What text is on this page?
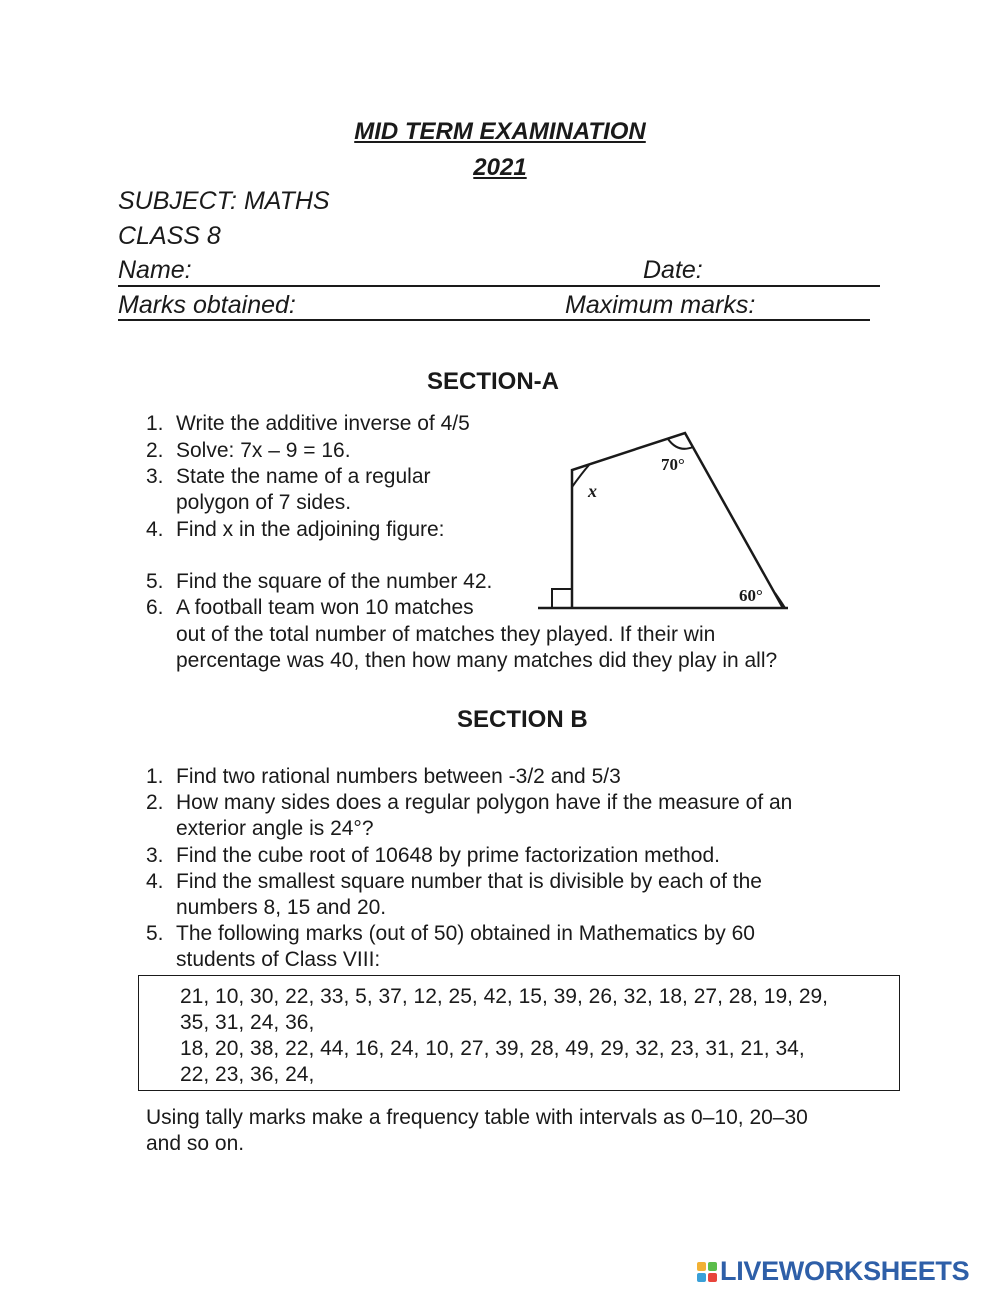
MID TERM EXAMINATION
2021
SUBJECT: MATHS
CLASS 8
Name:	Date:
Marks obtained:	Maximum marks:
SECTION-A
1. Write the additive inverse of 4/5
2. Solve: 7x – 9 = 16.
3. State the name of a regular
polygon of 7 sides.
4. Find x in the adjoining figure:
5. Find the square of the number 42.
6. A football team won 10 matches
out of the total number of matches they played. If their win
percentage was 40, then how many matches did they play in all?
x
70°
60°
SECTION B
1. Find two rational numbers between -3/2 and 5/3
2. How many sides does a regular polygon have if the measure of an
exterior angle is 24°?
3. Find the cube root of 10648 by prime factorization method.
4. Find the smallest square number that is divisible by each of the
numbers 8, 15 and 20.
5. The following marks (out of 50) obtained in Mathematics by 60
students of Class VIII:
21, 10, 30, 22, 33, 5, 37, 12, 25, 42, 15, 39, 26, 32, 18, 27, 28, 19, 29,
35, 31, 24, 36,
18, 20, 38, 22, 44, 16, 24, 10, 27, 39, 28, 49, 29, 32, 23, 31, 21, 34,
22, 23, 36, 24,
Using tally marks make a frequency table with intervals as 0–10, 20–30
and so on.
LIVEWORKSHEETS
